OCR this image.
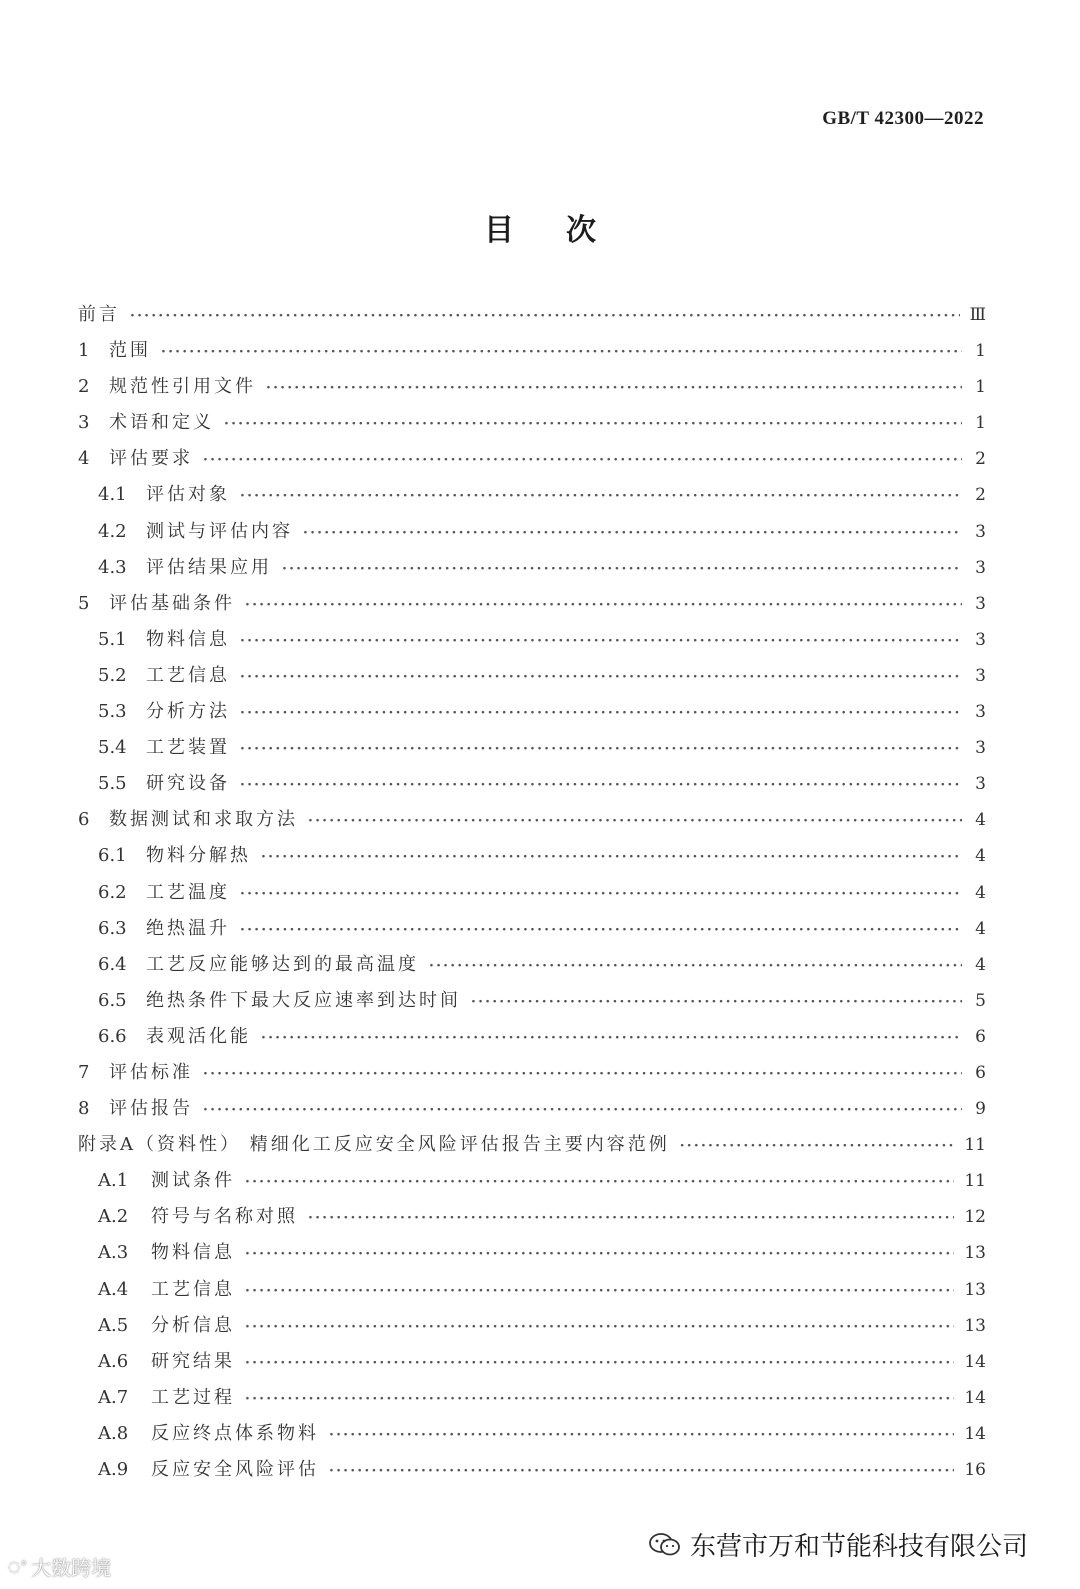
GB/T 42300—2022
目次
前言 ·····	Ⅲ
1	范围 ·····	1
2	规范性引用文件 ·····	1
3	术语和定义 ·····	1
4	评估要求 ·····	2
4.1	评估对象 ·····	2
4.2	测试与评估内容 ·····	3
4.3	评估结果应用 ·····	3
5	评估基础条件 ·····	3
5.1	物料信息 ·····	3
5.2	工艺信息 ·····	3
5.3	分析方法 ·····	3
5.4	工艺装置 ·····	3
5.5	研究设备 ·····	3
6	数据测试和求取方法 ·····	4
6.1	物料分解热 ·····	4
6.2	工艺温度 ·····	4
6.3	绝热温升 ·····	4
6.4	工艺反应能够达到的最高温度 ·····	4
6.5	绝热条件下最大反应速率到达时间 ·····	5
6.6	表观活化能 ·····	6
7	评估标准 ·····	6
8	评估报告 ·····	9
附录A（资料性） 精细化工反应安全风险评估报告主要内容范例 ·····	11
A.1	测试条件 ·····	11
A.2	符号与名称对照 ·····	12
A.3	物料信息 ·····	13
A.4	工艺信息 ·····	13
A.5	分析信息 ·····	13
A.6	研究结果 ·····	14
A.7	工艺过程 ·····	14
A.8	反应终点体系物料 ·····	14
A.9	反应安全风险评估 ·····	16
◌° 大数跨境
东营市万和节能科技有限公司
